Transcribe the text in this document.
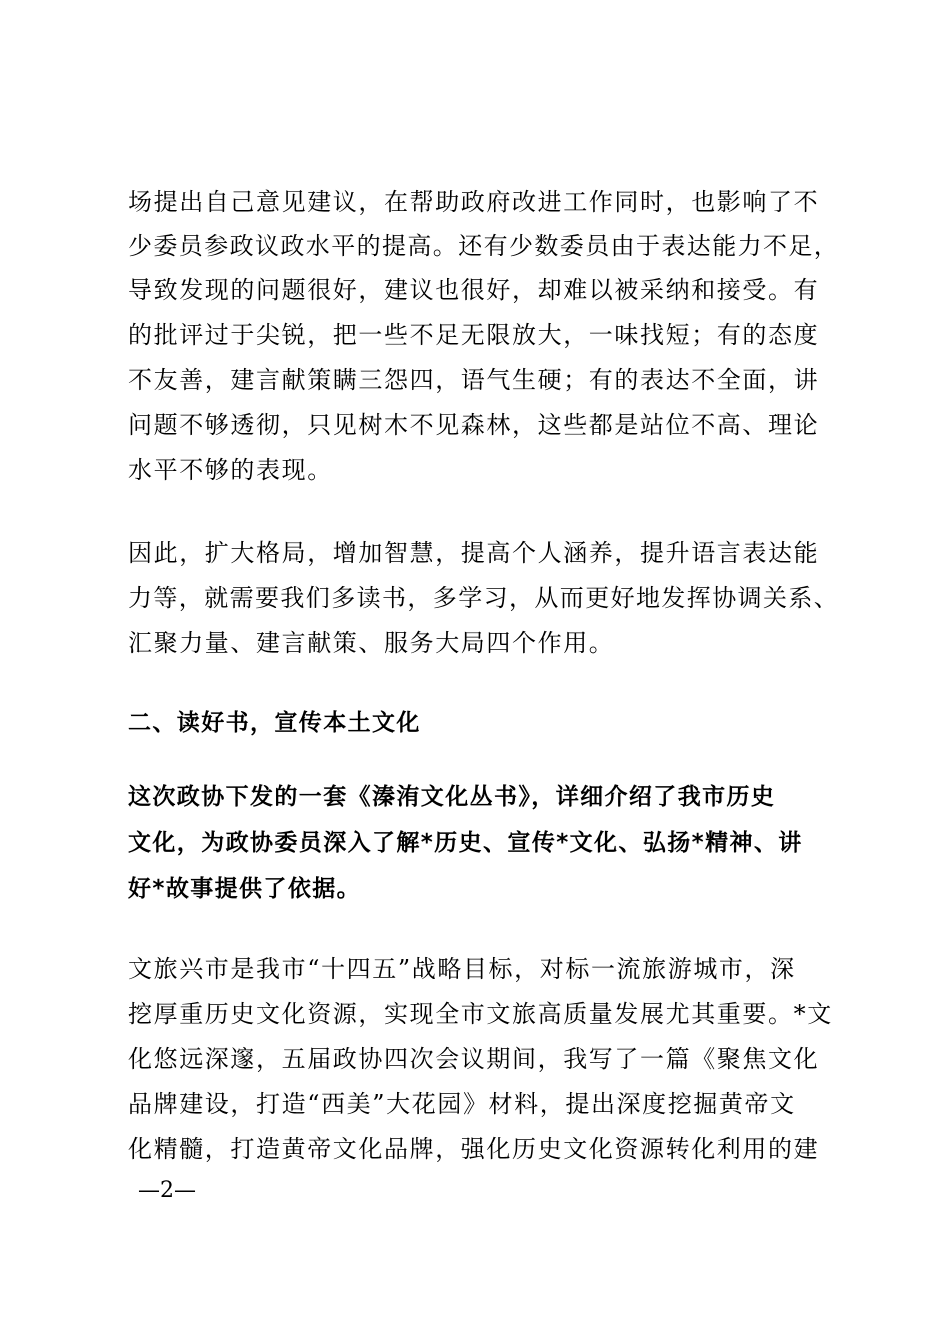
场提出自己意见建议，在帮助政府改进工作同时，也影响了不
少委员参政议政水平的提高。还有少数委员由于表达能力不足，
导致发现的问题很好，建议也很好，却难以被采纳和接受。有
的批评过于尖锐，把一些不足无限放大，一味找短；有的态度
不友善，建言献策瞒三怨四，语气生硬；有的表达不全面，讲
问题不够透彻，只见树木不见森林，这些都是站位不高、理论
水平不够的表现。
因此，扩大格局，增加智慧，提高个人涵养，提升语言表达能
力等，就需要我们多读书，多学习，从而更好地发挥协调关系、
汇聚力量、建言献策、服务大局四个作用。
二、读好书，宣传本土文化
这次政协下发的一套《溱洧文化丛书》，详细介绍了我市历史
文化，为政协委员深入了解*历史、宣传*文化、弘扬*精神、讲
好*故事提供了依据。
文旅兴市是我市“十四五”战略目标，对标一流旅游城市，深
挖厚重历史文化资源，实现全市文旅高质量发展尤其重要。*文
化悠远深邃，五届政协四次会议期间，我写了一篇《聚焦文化
品牌建设，打造“西美”大花园》材料，提出深度挖掘黄帝文
化精髓，打造黄帝文化品牌，强化历史文化资源转化利用的建
—2—
